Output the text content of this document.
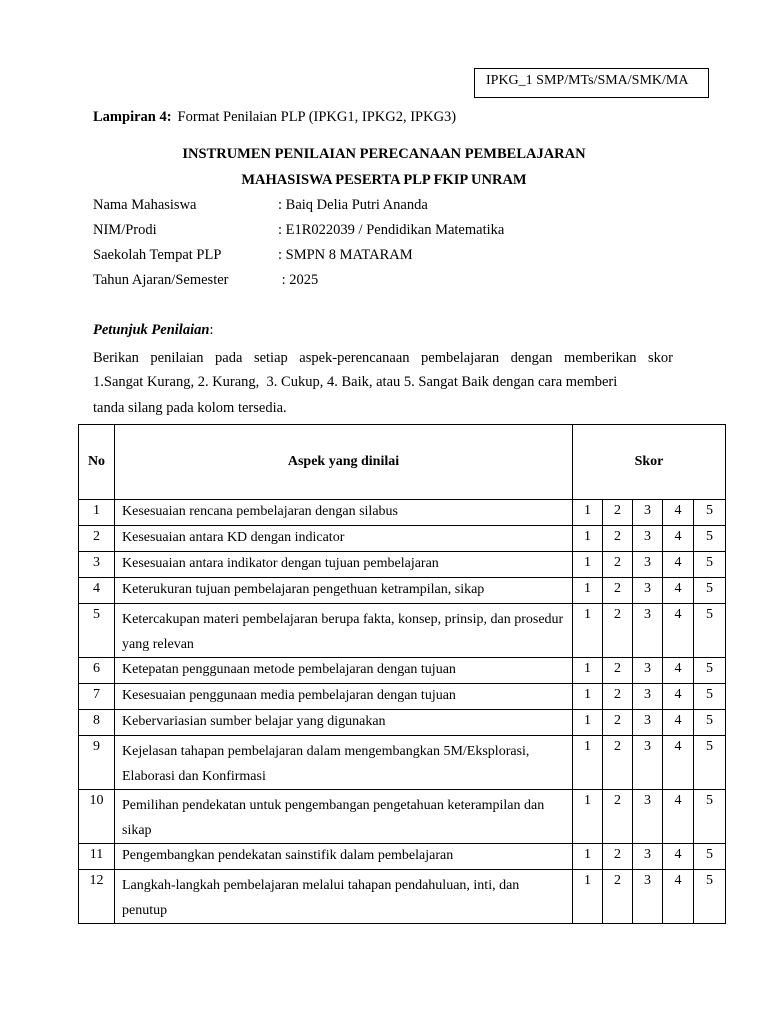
IPKG_1 SMP/MTs/SMA/SMK/MA
Lampiran 4: Format Penilaian PLP (IPKG1, IPKG2, IPKG3)
INSTRUMEN PENILAIAN PERECANAAN PEMBELAJARAN
MAHASISWA PESERTA PLP FKIP UNRAM
Nama Mahasiswa	: Baiq Delia Putri Ananda
NIM/Prodi	: E1R022039 / Pendidikan Matematika
Saekolah Tempat PLP	: SMPN 8 MATARAM
Tahun Ajaran/Semester	: 2025
Petunjuk Penilaian:
Berikan penilaian pada setiap aspek-perencanaan pembelajaran dengan memberikan skor
1.Sangat Kurang, 2. Kurang,  3. Cukup, 4. Baik, atau 5. Sangat Baik dengan cara memberi
tanda silang pada kolom tersedia.
No	Aspek yang dinilai	Skor				
1	Kesesuaian rencana pembelajaran dengan silabus	1	2	3	4	5
2	Kesesuaian antara KD dengan indicator	1	2	3	4	5
3	Kesesuaian antara indikator dengan tujuan pembelajaran	1	2	3	4	5
4	Keterukuran tujuan pembelajaran pengethuan ketrampilan, sikap	1	2	3	4	5
5	Ketercakupan materi pembelajaran berupa fakta, konsep, prinsip, dan prosedur yang relevan	1	2	3	4	5
6	Ketepatan penggunaan metode pembelajaran dengan tujuan	1	2	3	4	5
7	Kesesuaian penggunaan media pembelajaran dengan tujuan	1	2	3	4	5
8	Kebervariasian sumber belajar yang digunakan	1	2	3	4	5
9	Kejelasan tahapan pembelajaran dalam mengembangkan 5M/Eksplorasi, Elaborasi dan Konfirmasi	1	2	3	4	5
10	Pemilihan pendekatan untuk pengembangan pengetahuan keterampilan dan sikap	1	2	3	4	5
11	Pengembangkan pendekatan sainstifik dalam pembelajaran	1	2	3	4	5
12	Langkah-langkah pembelajaran melalui tahapan pendahuluan, inti, dan penutup	1	2	3	4	5
